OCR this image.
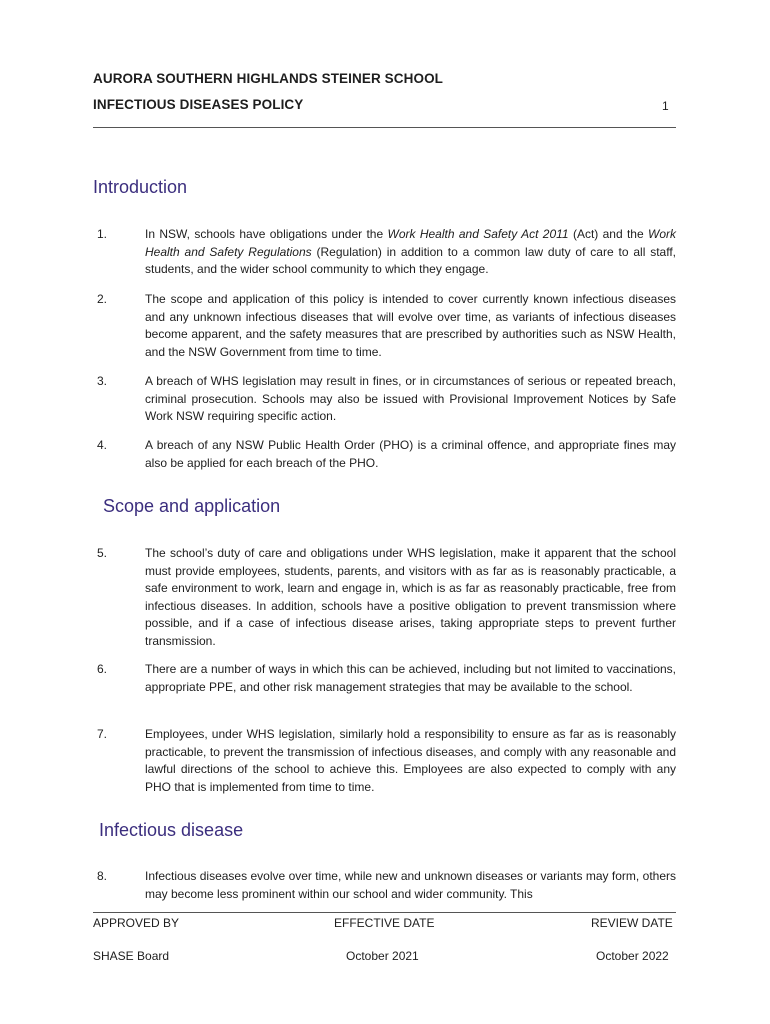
AURORA SOUTHERN HIGHLANDS STEINER SCHOOL
INFECTIOUS DISEASES POLICY	1
Introduction
1.	In NSW, schools have obligations under the Work Health and Safety Act 2011 (Act) and the Work Health and Safety Regulations (Regulation) in addition to a common law duty of care to all staff, students, and the wider school community to which they engage.
2.	The scope and application of this policy is intended to cover currently known infectious diseases and any unknown infectious diseases that will evolve over time, as variants of infectious diseases become apparent, and the safety measures that are prescribed by authorities such as NSW Health, and the NSW Government from time to time.
3.	A breach of WHS legislation may result in fines, or in circumstances of serious or repeated breach, criminal prosecution. Schools may also be issued with Provisional Improvement Notices by Safe Work NSW requiring specific action.
4.	A breach of any NSW Public Health Order (PHO) is a criminal offence, and appropriate fines may also be applied for each breach of the PHO.
Scope and application
5.	The school’s duty of care and obligations under WHS legislation, make it apparent that the school must provide employees, students, parents, and visitors with as far as is reasonably practicable, a safe environment to work, learn and engage in, which is as far as reasonably practicable, free from infectious diseases. In addition, schools have a positive obligation to prevent transmission where possible, and if a case of infectious disease arises, taking appropriate steps to prevent further transmission.
6.	There are a number of ways in which this can be achieved, including but not limited to vaccinations, appropriate PPE, and other risk management strategies that may be available to the school.
7.	Employees, under WHS legislation, similarly hold a responsibility to ensure as far as is reasonably practicable, to prevent the transmission of infectious diseases, and comply with any reasonable and lawful directions of the school to achieve this. Employees are also expected to comply with any PHO that is implemented from time to time.
Infectious disease
8.	Infectious diseases evolve over time, while new and unknown diseases or variants may form, others may become less prominent within our school and wider community. This
APPROVED BY	EFFECTIVE DATE	REVIEW DATE
SHASE Board	October 2021	October 2022
